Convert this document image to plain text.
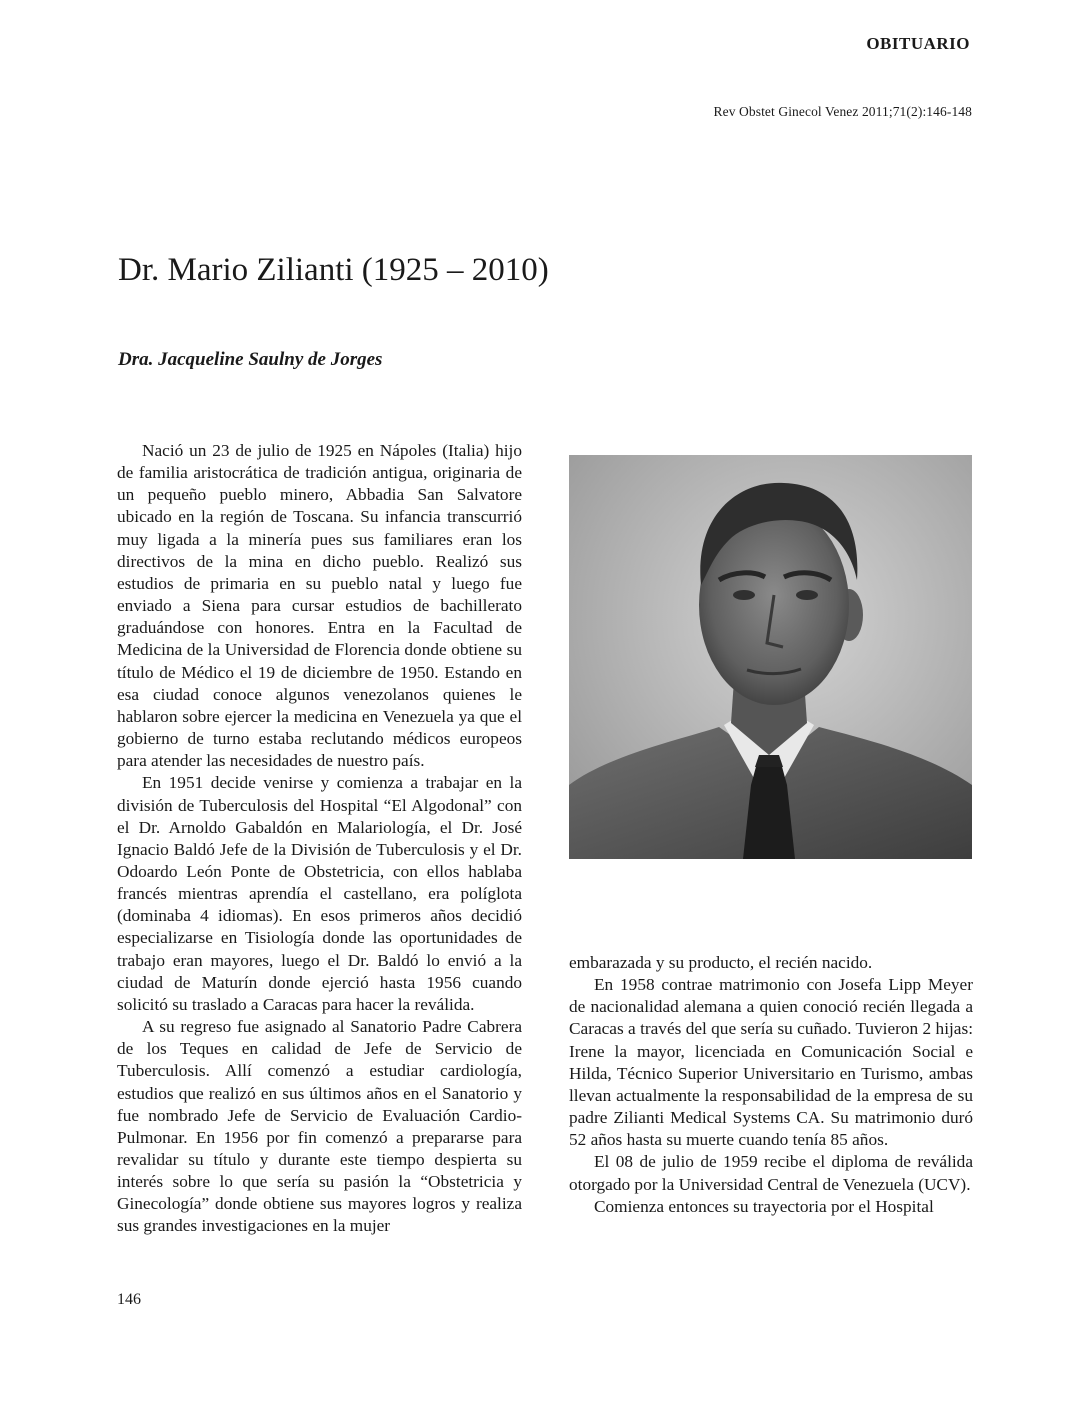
OBITUARIO
Rev Obstet Ginecol Venez 2011;71(2):146-148
Dr. Mario Zilianti (1925 – 2010)
Dra. Jacqueline Saulny de Jorges

Nació un 23 de julio de 1925 en Nápoles (Italia) hijo de familia aristocrática de tradición antigua, originaria de un pequeño pueblo minero, Abbadia San Salvatore ubicado en la región de Toscana. Su infancia transcurrió muy ligada a la minería pues sus familiares eran los directivos de la mina en dicho pueblo. Realizó sus estudios de primaria en su pueblo natal y luego fue enviado a Siena para cursar estudios de bachillerato graduándose con honores. Entra en la Facultad de Medicina de la Universidad de Florencia donde obtiene su título de Médico el 19 de diciembre de 1950. Estando en esa ciudad conoce algunos venezolanos quienes le hablaron sobre ejercer la medicina en Venezuela ya que el gobierno de turno estaba reclutando médicos europeos para atender las necesidades de nuestro país.

En 1951 decide venirse y comienza a trabajar en la división de Tuberculosis del Hospital “El Algodonal” con el Dr. Arnoldo Gabaldón en Malariología, el Dr. José Ignacio Baldó Jefe de la División de Tuberculosis y el Dr. Odoardo León Ponte de Obstetricia, con ellos hablaba francés mientras aprendía el castellano, era políglota (dominaba 4 idiomas). En esos primeros años decidió especializarse en Tisiología donde las oportunidades de trabajo eran mayores, luego el Dr. Baldó lo envió a la ciudad de Maturín donde ejerció hasta 1956 cuando solicitó su traslado a Caracas para hacer la reválida.

A su regreso fue asignado al Sanatorio Padre Cabrera de los Teques en calidad de Jefe de Servicio de Tuberculosis. Allí comenzó a estudiar cardiología, estudios que realizó en sus últimos años en el Sanatorio y fue nombrado Jefe de Servicio de Evaluación Cardio-Pulmonar. En 1956 por fin comenzó a prepararse para revalidar su título y durante este tiempo despierta su interés sobre lo que sería su pasión la “Obstetricia y Ginecología” donde obtiene sus mayores logros y realiza sus grandes investigaciones en la mujer

embarazada y su producto, el recién nacido.

En 1958 contrae matrimonio con Josefa Lipp Meyer de nacionalidad alemana a quien conoció recién llegada a Caracas a través del que sería su cuñado. Tuvieron 2 hijas: Irene la mayor, licenciada en Comunicación Social e Hilda, Técnico Superior Universitario en Turismo, ambas llevan actualmente la responsabilidad de la empresa de su padre Zilianti Medical Systems CA. Su matrimonio duró 52 años hasta su muerte cuando tenía 85 años.

El 08 de julio de 1959 recibe el diploma de reválida otorgado por la Universidad Central de Venezuela (UCV).

Comienza entonces su trayectoria por el Hospital

146
